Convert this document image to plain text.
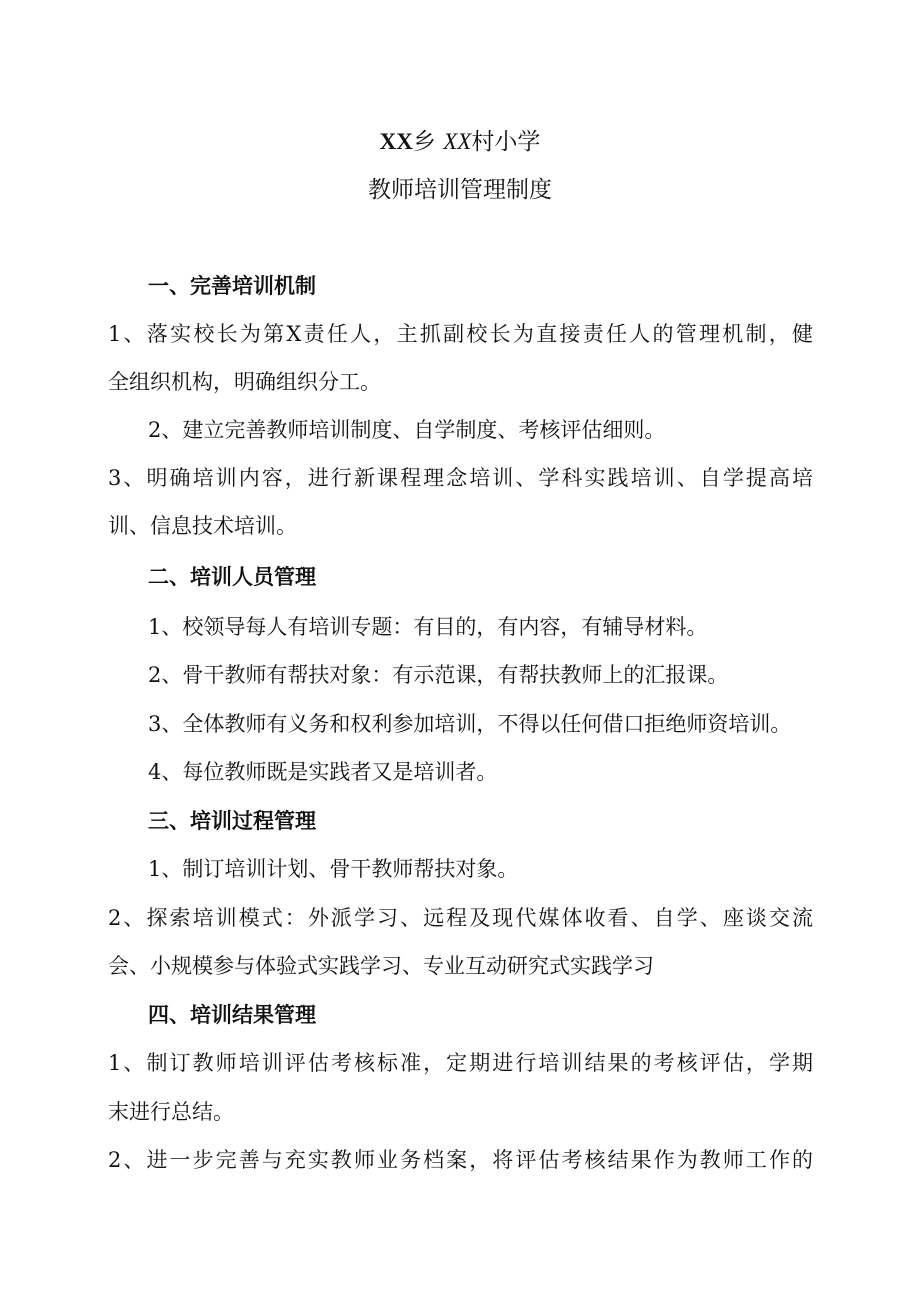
XX乡 XX村小学
教师培训管理制度
一、完善培训机制
1、落实校长为第X责任人，主抓副校长为直接责任人的管理机制，健
全组织机构，明确组织分工。
2、建立完善教师培训制度、自学制度、考核评估细则。
3、明确培训内容，进行新课程理念培训、学科实践培训、自学提高培
训、信息技术培训。
二、培训人员管理
1、校领导每人有培训专题：有目的，有内容，有辅导材料。
2、骨干教师有帮扶对象：有示范课，有帮扶教师上的汇报课。
3、全体教师有义务和权利参加培训，不得以任何借口拒绝师资培训。
4、每位教师既是实践者又是培训者。
三、培训过程管理
1、制订培训计划、骨干教师帮扶对象。
2、探索培训模式：外派学习、远程及现代媒体收看、自学、座谈交流
会、小规模参与体验式实践学习、专业互动研究式实践学习
四、培训结果管理
1、制订教师培训评估考核标准，定期进行培训结果的考核评估，学期
末进行总结。
2、进一步完善与充实教师业务档案，将评估考核结果作为教师工作的
